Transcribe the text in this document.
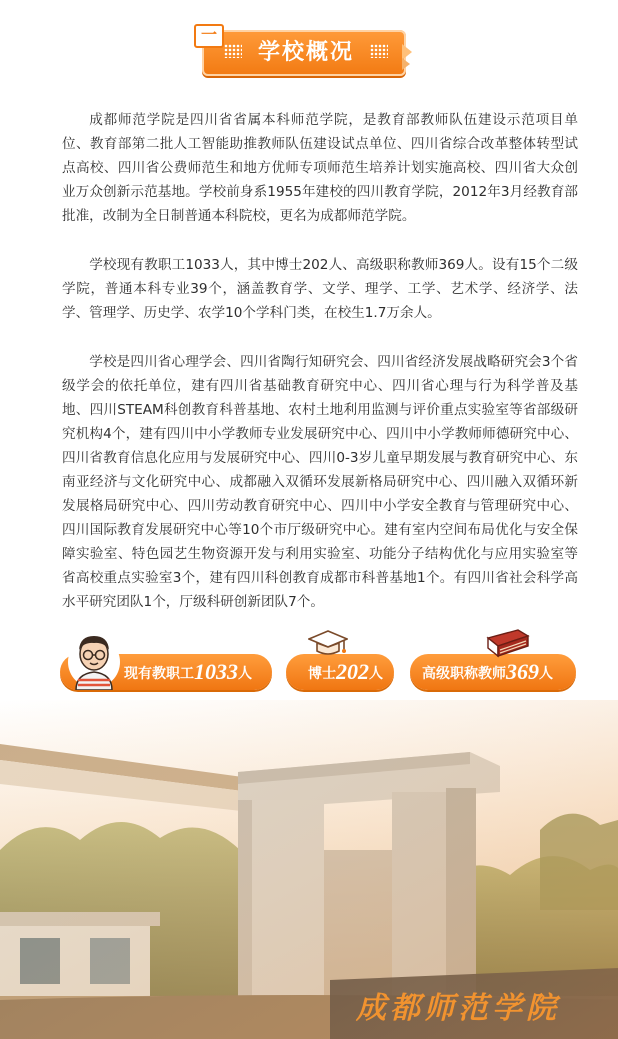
一
学校概况

成都师范学院是四川省省属本科师范学院，是教育部教师队伍建设示范项目单位、教育部第二批人工智能助推教师队伍建设试点单位、四川省综合改革整体转型试点高校、四川省公费师范生和地方优师专项师范生培养计划实施高校、四川省大众创业万众创新示范基地。学校前身系1955年建校的四川教育学院，2012年3月经教育部批准，改制为全日制普通本科院校，更名为成都师范学院。

学校现有教职工1033人，其中博士202人、高级职称教师369人。设有15个二级学院，普通本科专业39个，涵盖教育学、文学、理学、工学、艺术学、经济学、法学、管理学、历史学、农学10个学科门类，在校生1.7万余人。

学校是四川省心理学会、四川省陶行知研究会、四川省经济发展战略研究会3个省级学会的依托单位，建有四川省基础教育研究中心、四川省心理与行为科学普及基地、四川STEAM科创教育科普基地、农村土地利用监测与评价重点实验室等省部级研究机构4个，建有四川中小学教师专业发展研究中心、四川中小学教师师德研究中心、四川省教育信息化应用与发展研究中心、四川0-3岁儿童早期发展与教育研究中心、东南亚经济与文化研究中心、成都融入双循环发展新格局研究中心、四川融入双循环新发展格局研究中心、四川劳动教育研究中心、四川中小学安全教育与管理研究中心、四川国际教育发展研究中心等10个市厅级研究中心。建有室内空间布局优化与安全保障实验室、特色园艺生物资源开发与利用实验室、功能分子结构优化与应用实验室等省高校重点实验室3个，建有四川科创教育成都市科普基地1个。有四川省社会科学高水平研究团队1个，厅级科研创新团队7个。

现有教职工1033人	博士202人	高级职称教师369人
成都师范学院
